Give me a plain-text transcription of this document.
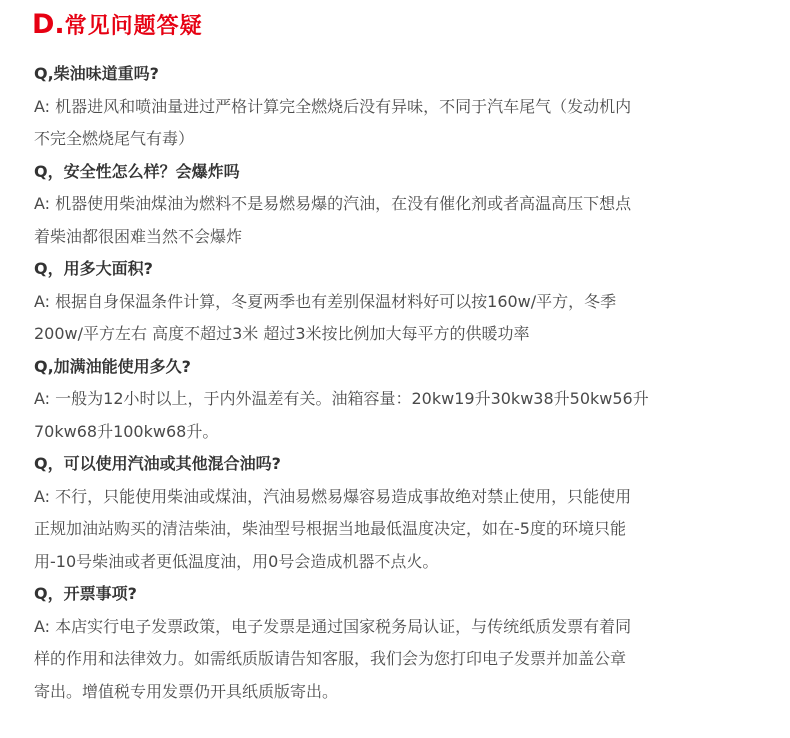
D. 常见问题答疑
Q,柴油味道重吗?
A: 机器进风和喷油量进过严格计算完全燃烧后没有异味，不同于汽车尾气（发动机内
不完全燃烧尾气有毒）
Q，安全性怎么样？会爆炸吗
A: 机器使用柴油煤油为燃料不是易燃易爆的汽油，在没有催化剂或者高温高压下想点
着柴油都很困难当然不会爆炸
Q，用多大面积?
A: 根据自身保温条件计算，冬夏两季也有差别保温材料好可以按160w/平方，冬季
200w/平方左右 高度不超过3米 超过3米按比例加大每平方的供暖功率
Q,加满油能使用多久?
A: 一般为12小时以上，于内外温差有关。油箱容量：20kw19升30kw38升50kw56升
70kw68升100kw68升。
Q，可以使用汽油或其他混合油吗?
A: 不行，只能使用柴油或煤油，汽油易燃易爆容易造成事故绝对禁止使用，只能使用
正规加油站购买的清洁柴油，柴油型号根据当地最低温度决定，如在-5度的环境只能
用-10号柴油或者更低温度油，用0号会造成机器不点火。
Q，开票事项?
A: 本店实行电子发票政策，电子发票是通过国家税务局认证，与传统纸质发票有着同
样的作用和法律效力。如需纸质版请告知客服，我们会为您打印电子发票并加盖公章
寄出。增值税专用发票仍开具纸质版寄出。
